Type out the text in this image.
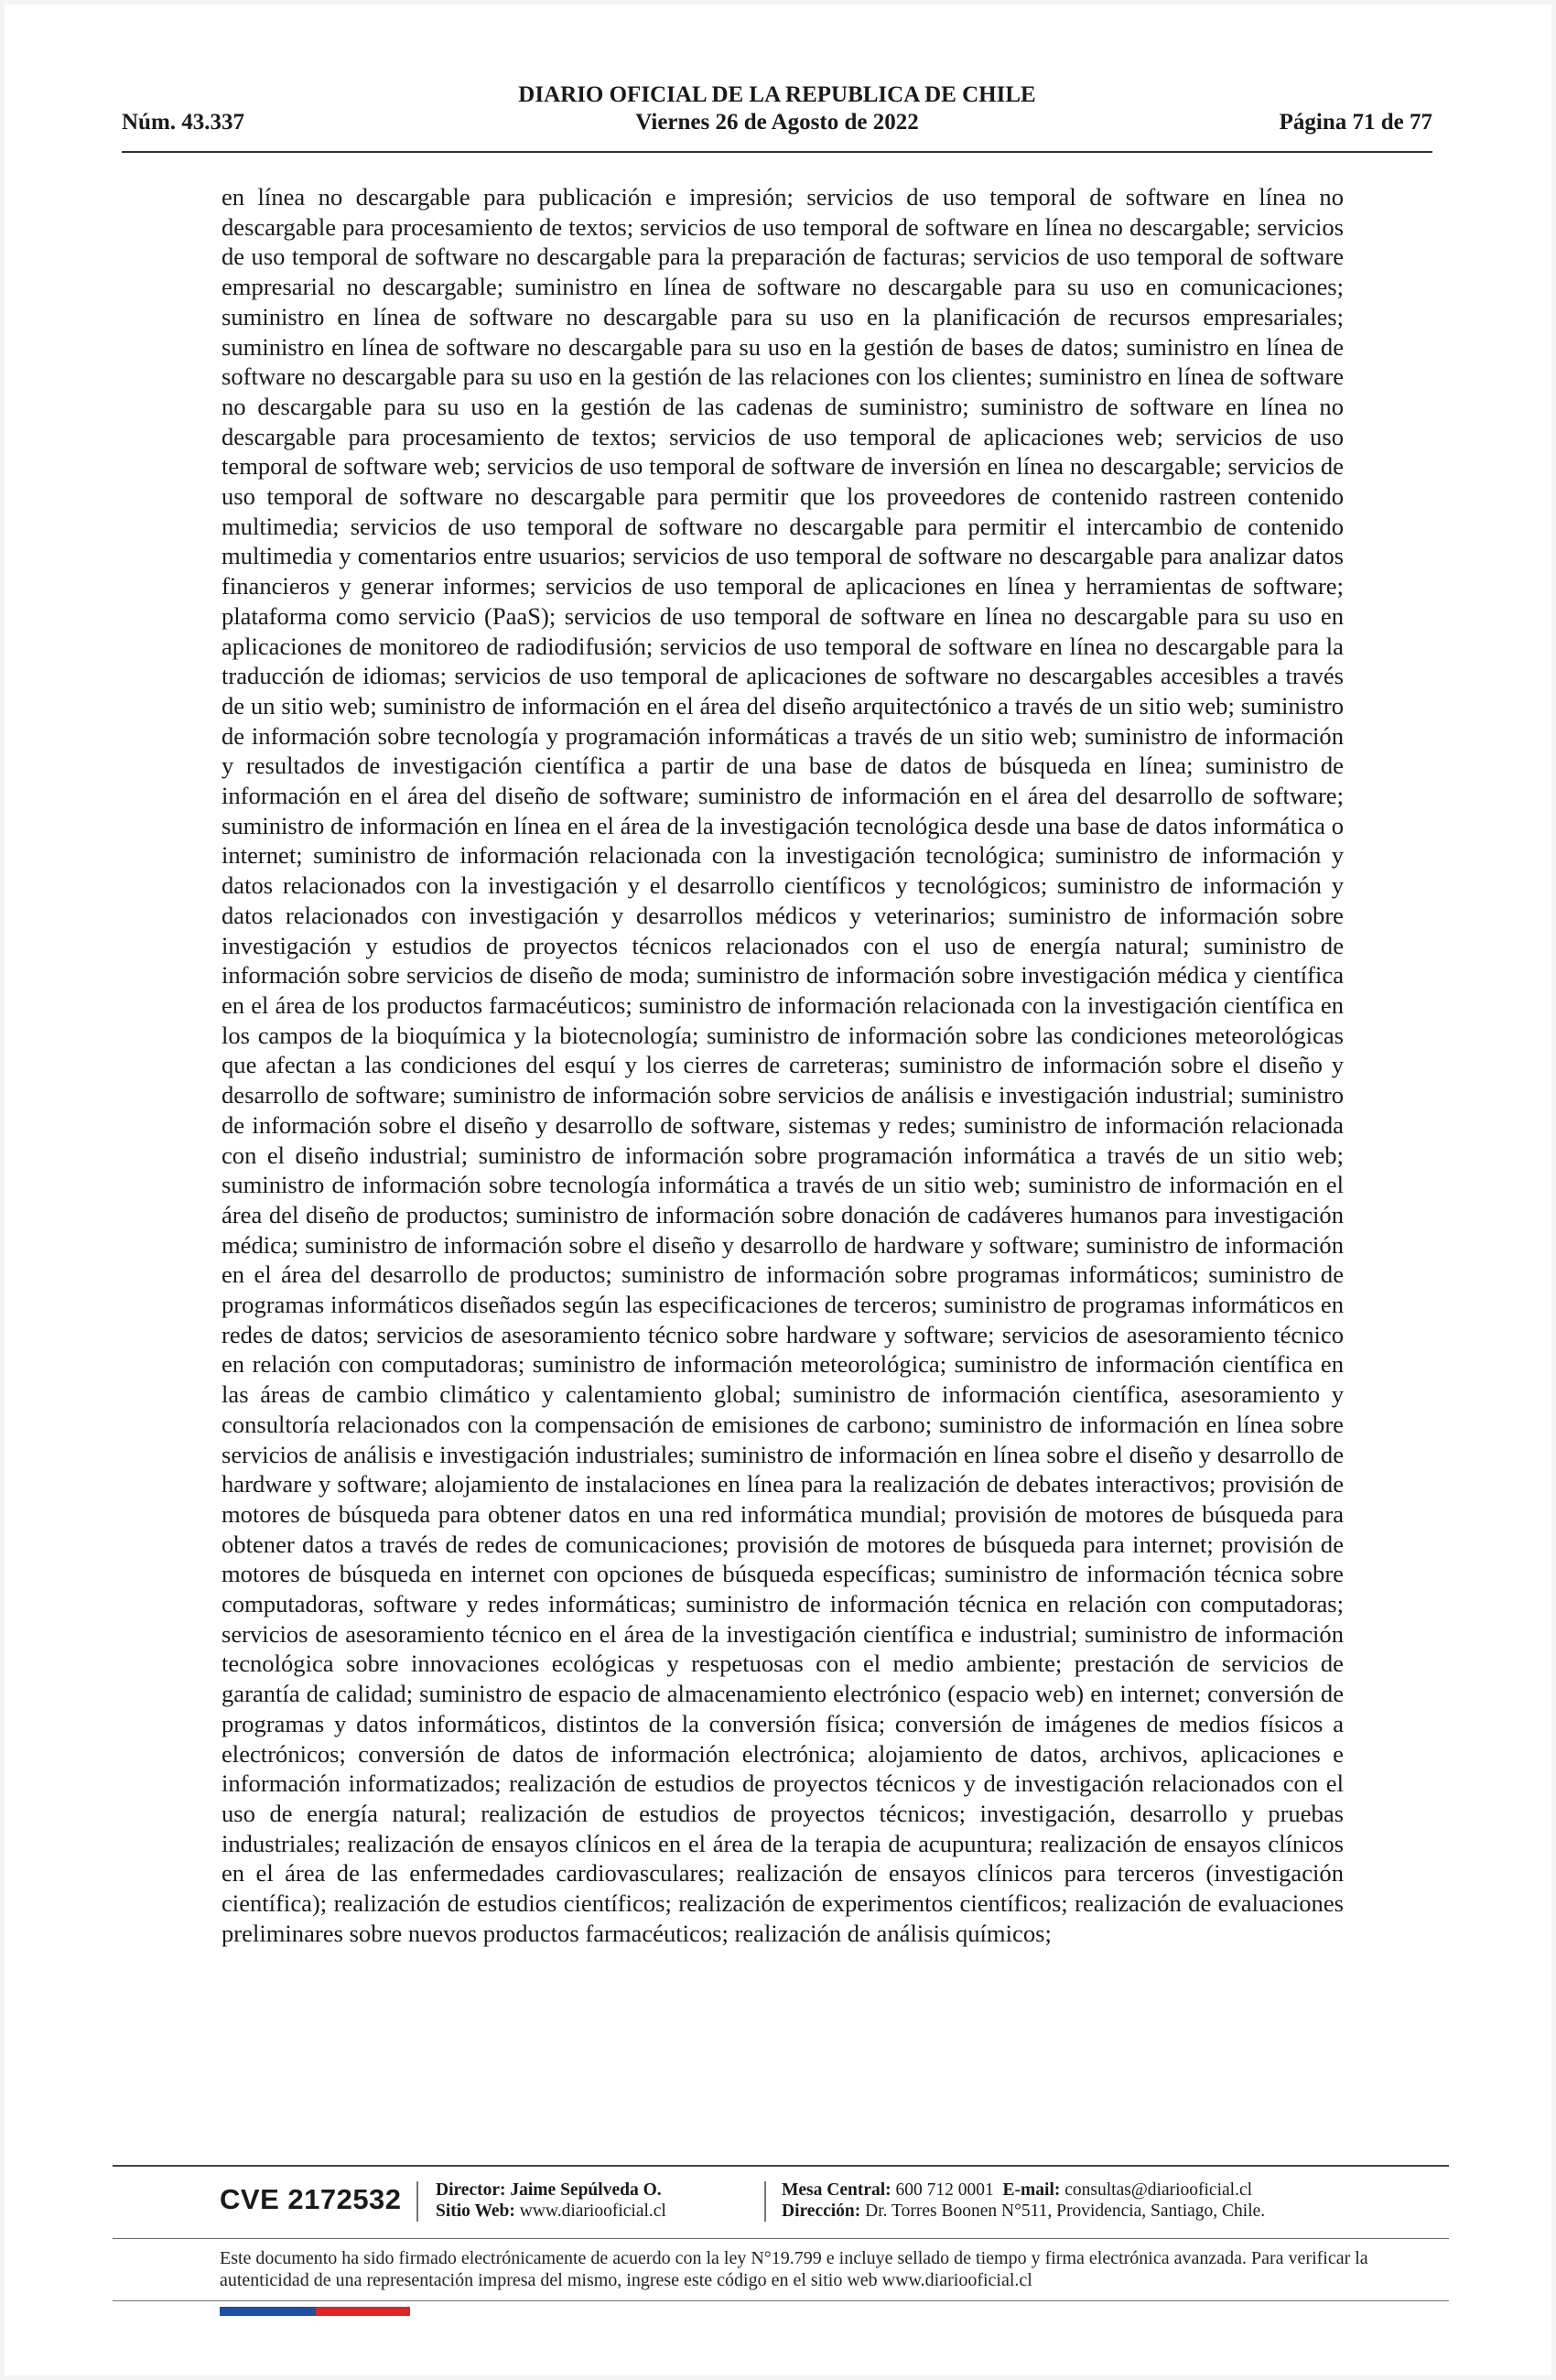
DIARIO OFICIAL DE LA REPUBLICA DE CHILE
Viernes 26 de Agosto de 2022
Núm. 43.337	Página 71 de 77

en línea no descargable para publicación e impresión; servicios de uso temporal de software en línea no descargable para procesamiento de textos; servicios de uso temporal de software en línea no descargable; servicios de uso temporal de software no descargable para la preparación de facturas; servicios de uso temporal de software empresarial no descargable; suministro en línea de software no descargable para su uso en comunicaciones; suministro en línea de software no descargable para su uso en la planificación de recursos empresariales; suministro en línea de software no descargable para su uso en la gestión de bases de datos; suministro en línea de software no descargable para su uso en la gestión de las relaciones con los clientes; suministro en línea de software no descargable para su uso en la gestión de las cadenas de suministro; suministro de software en línea no descargable para procesamiento de textos; servicios de uso temporal de aplicaciones web; servicios de uso temporal de software web; servicios de uso temporal de software de inversión en línea no descargable; servicios de uso temporal de software no descargable para permitir que los proveedores de contenido rastreen contenido multimedia; servicios de uso temporal de software no descargable para permitir el intercambio de contenido multimedia y comentarios entre usuarios; servicios de uso temporal de software no descargable para analizar datos financieros y generar informes; servicios de uso temporal de aplicaciones en línea y herramientas de software; plataforma como servicio (PaaS); servicios de uso temporal de software en línea no descargable para su uso en aplicaciones de monitoreo de radiodifusión; servicios de uso temporal de software en línea no descargable para la traducción de idiomas; servicios de uso temporal de aplicaciones de software no descargables accesibles a través de un sitio web; suministro de información en el área del diseño arquitectónico a través de un sitio web; suministro de información sobre tecnología y programación informáticas a través de un sitio web; suministro de información y resultados de investigación científica a partir de una base de datos de búsqueda en línea; suministro de información en el área del diseño de software; suministro de información en el área del desarrollo de software; suministro de información en línea en el área de la investigación tecnológica desde una base de datos informática o internet; suministro de información relacionada con la investigación tecnológica; suministro de información y datos relacionados con la investigación y el desarrollo científicos y tecnológicos; suministro de información y datos relacionados con investigación y desarrollos médicos y veterinarios; suministro de información sobre investigación y estudios de proyectos técnicos relacionados con el uso de energía natural; suministro de información sobre servicios de diseño de moda; suministro de información sobre investigación médica y científica en el área de los productos farmacéuticos; suministro de información relacionada con la investigación científica en los campos de la bioquímica y la biotecnología; suministro de información sobre las condiciones meteorológicas que afectan a las condiciones del esquí y los cierres de carreteras; suministro de información sobre el diseño y desarrollo de software; suministro de información sobre servicios de análisis e investigación industrial; suministro de información sobre el diseño y desarrollo de software, sistemas y redes; suministro de información relacionada con el diseño industrial; suministro de información sobre programación informática a través de un sitio web; suministro de información sobre tecnología informática a través de un sitio web; suministro de información en el área del diseño de productos; suministro de información sobre donación de cadáveres humanos para investigación médica; suministro de información sobre el diseño y desarrollo de hardware y software; suministro de información en el área del desarrollo de productos; suministro de información sobre programas informáticos; suministro de programas informáticos diseñados según las especificaciones de terceros; suministro de programas informáticos en redes de datos; servicios de asesoramiento técnico sobre hardware y software; servicios de asesoramiento técnico en relación con computadoras; suministro de información meteorológica; suministro de información científica en las áreas de cambio climático y calentamiento global; suministro de información científica, asesoramiento y consultoría relacionados con la compensación de emisiones de carbono; suministro de información en línea sobre servicios de análisis e investigación industriales; suministro de información en línea sobre el diseño y desarrollo de hardware y software; alojamiento de instalaciones en línea para la realización de debates interactivos; provisión de motores de búsqueda para obtener datos en una red informática mundial; provisión de motores de búsqueda para obtener datos a través de redes de comunicaciones; provisión de motores de búsqueda para internet; provisión de motores de búsqueda en internet con opciones de búsqueda específicas; suministro de información técnica sobre computadoras, software y redes informáticas; suministro de información técnica en relación con computadoras; servicios de asesoramiento técnico en el área de la investigación científica e industrial; suministro de información tecnológica sobre innovaciones ecológicas y respetuosas con el medio ambiente; prestación de servicios de garantía de calidad; suministro de espacio de almacenamiento electrónico (espacio web) en internet; conversión de programas y datos informáticos, distintos de la conversión física; conversión de imágenes de medios físicos a electrónicos; conversión de datos de información electrónica; alojamiento de datos, archivos, aplicaciones e información informatizados; realización de estudios de proyectos técnicos y de investigación relacionados con el uso de energía natural; realización de estudios de proyectos técnicos; investigación, desarrollo y pruebas industriales; realización de ensayos clínicos en el área de la terapia de acupuntura; realización de ensayos clínicos en el área de las enfermedades cardiovasculares; realización de ensayos clínicos para terceros (investigación científica); realización de estudios científicos; realización de experimentos científicos; realización de evaluaciones preliminares sobre nuevos productos farmacéuticos; realización de análisis químicos;

CVE 2172532 Director: Jaime Sepúlveda O.
Sitio Web: www.diariooficial.cl
Mesa Central: 600 712 0001 E-mail: consultas@diariooficial.cl
Dirección: Dr. Torres Boonen N°511, Providencia, Santiago, Chile.
Este documento ha sido firmado electrónicamente de acuerdo con la ley N°19.799 e incluye sellado de tiempo y firma electrónica avanzada. Para verificar la autenticidad de una representación impresa del mismo, ingrese este código en el sitio web www.diariooficial.cl
